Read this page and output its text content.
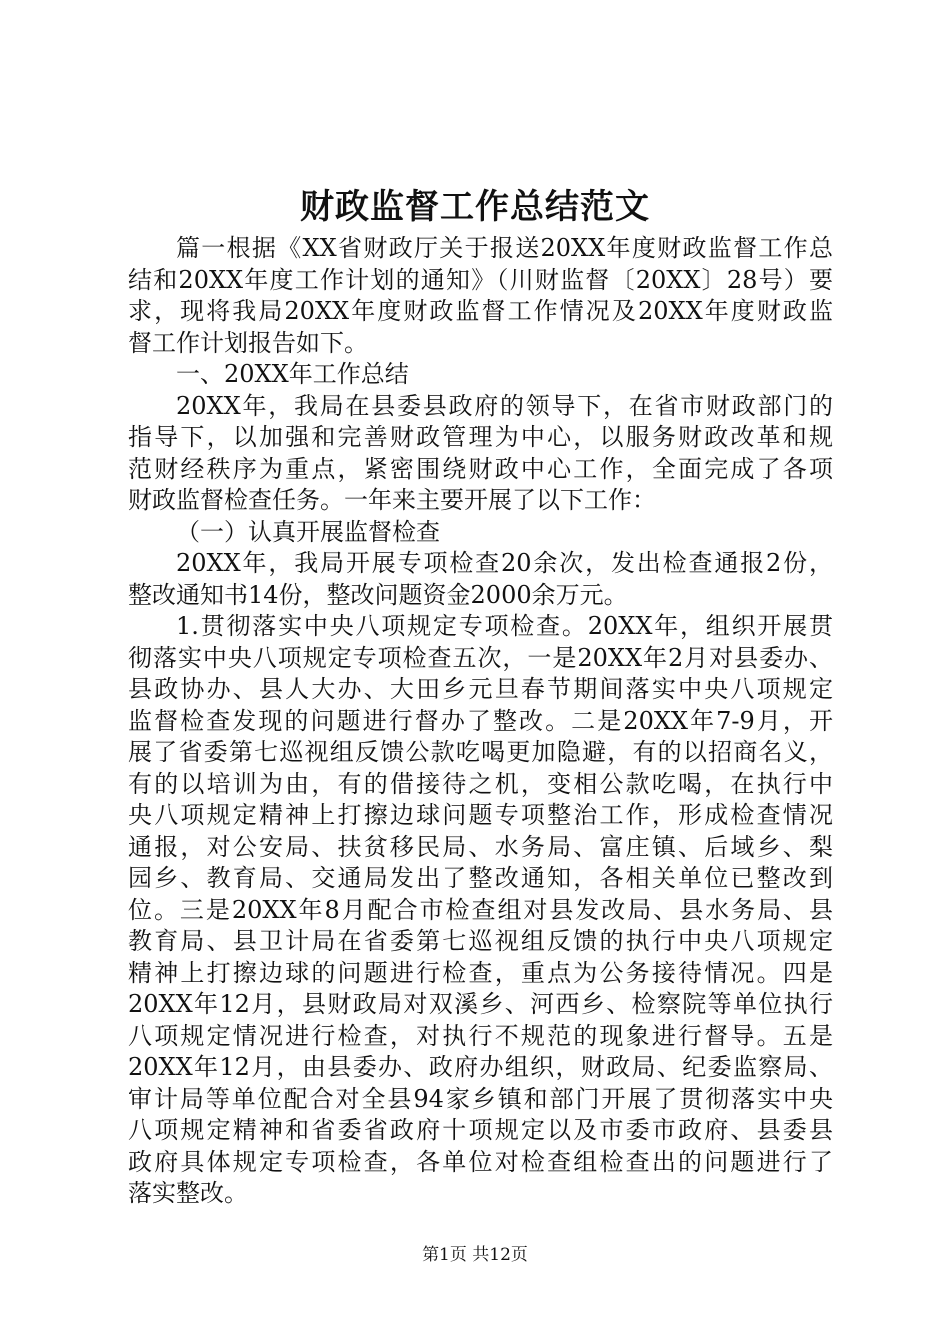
财政监督工作总结范文
篇一根据《XX省财政厅关于报送20XX年度财政监督工作总
结和20XX年度工作计划的通知》（川财监督〔20XX〕28号）要
求，现将我局20XX年度财政监督工作情况及20XX年度财政监
督工作计划报告如下。
一、20XX年工作总结
20XX年，我局在县委县政府的领导下，在省市财政部门的
指导下，以加强和完善财政管理为中心，以服务财政改革和规
范财经秩序为重点，紧密围绕财政中心工作，全面完成了各项
财政监督检查任务。一年来主要开展了以下工作：
（一）认真开展监督检查
20XX年，我局开展专项检查20余次，发出检查通报2份，
整改通知书14份，整改问题资金2000余万元。
1.贯彻落实中央八项规定专项检查。20XX年，组织开展贯
彻落实中央八项规定专项检查五次，一是20XX年2月对县委办、
县政协办、县人大办、大田乡元旦春节期间落实中央八项规定
监督检查发现的问题进行督办了整改。二是20XX年7-9月，开
展了省委第七巡视组反馈公款吃喝更加隐避，有的以招商名义，
有的以培训为由，有的借接待之机，变相公款吃喝，在执行中
央八项规定精神上打擦边球问题专项整治工作，形成检查情况
通报，对公安局、扶贫移民局、水务局、富庄镇、后域乡、梨
园乡、教育局、交通局发出了整改通知，各相关单位已整改到
位。三是20XX年8月配合市检查组对县发改局、县水务局、县
教育局、县卫计局在省委第七巡视组反馈的执行中央八项规定
精神上打擦边球的问题进行检查，重点为公务接待情况。四是
20XX年12月，县财政局对双溪乡、河西乡、检察院等单位执行
八项规定情况进行检查，对执行不规范的现象进行督导。五是
20XX年12月，由县委办、政府办组织，财政局、纪委监察局、
审计局等单位配合对全县94家乡镇和部门开展了贯彻落实中央
八项规定精神和省委省政府十项规定以及市委市政府、县委县
政府具体规定专项检查，各单位对检查组检查出的问题进行了
落实整改。
第1页 共12页
